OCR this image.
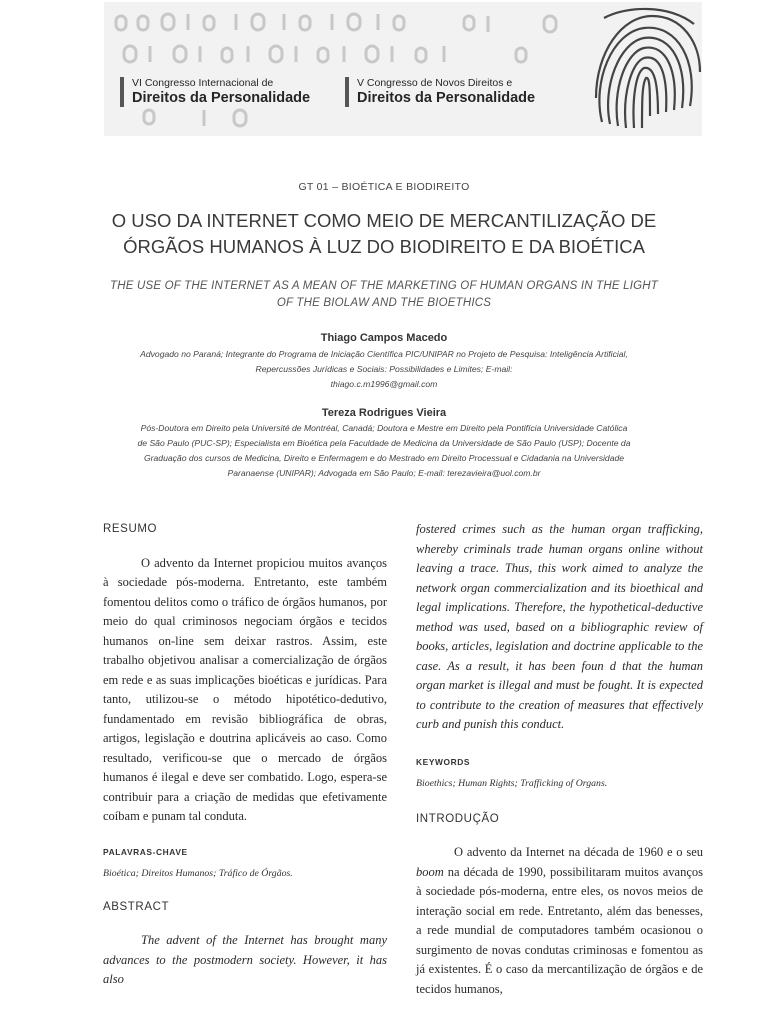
VI Congresso Internacional de
Direitos da Personalidade
V Congresso de Novos Direitos e
Direitos da Personalidade
GT 01 – BIOÉTICA E BIODIREITO
O USO DA INTERNET COMO MEIO DE MERCANTILIZAÇÃO DE
ÓRGÃOS HUMANOS À LUZ DO BIODIREITO E DA BIOÉTICA
THE USE OF THE INTERNET AS A MEAN OF THE MARKETING OF HUMAN ORGANS IN THE LIGHT
OF THE BIOLAW AND THE BIOETHICS
Thiago Campos Macedo
Advogado no Paraná; Integrante do Programa de Iniciação Científica PIC/UNIPAR no Projeto de Pesquisa: Inteligência Artificial,
Repercussões Jurídicas e Sociais: Possibilidades e Limites; E-mail:
thiago.c.m1996@gmail.com
Tereza Rodrigues Vieira
Pós-Doutora em Direito pela Université de Montréal, Canadá; Doutora e Mestre em Direito pela Pontifícia Universidade Católica
de São Paulo (PUC-SP); Especialista em Bioética pela Faculdade de Medicina da Universidade de São Paulo (USP); Docente da
Graduação dos cursos de Medicina, Direito e Enfermagem e do Mestrado em Direito Processual e Cidadania na Universidade
Paranaense (UNIPAR); Advogada em São Paulo; E-mail: terezavieira@uol.com.br
RESUMO

O advento da Internet propiciou muitos avanços à sociedade pós-moderna. Entretanto, este também fomentou delitos como o tráfico de órgãos humanos, por meio do qual criminosos negociam órgãos e tecidos humanos on-line sem deixar rastros. Assim, este trabalho objetivou analisar a comercialização de órgãos em rede e as suas implicações bioéticas e jurídicas. Para tanto, utilizou-se o método hipotético-dedutivo, fundamentado em revisão bibliográfica de obras, artigos, legislação e doutrina aplicáveis ao caso. Como resultado, verificou-se que o mercado de órgãos humanos é ilegal e deve ser combatido. Logo, espera-se contribuir para a criação de medidas que efetivamente coíbam e punam tal conduta.

PALAVRAS-CHAVE
Bioética; Direitos Humanos; Tráfico de Órgãos.
ABSTRACT

The advent of the Internet has brought many advances to the postmodern society. However, it has also

fostered crimes such as the human organ trafficking, whereby criminals trade human organs online without leaving a trace. Thus, this work aimed to analyze the network organ commercialization and its bioethical and legal implications. Therefore, the hypothetical-deductive method was used, based on a bibliographic review of books, articles, legislation and doctrine applicable to the case. As a result, it has been foun d that the human organ market is illegal and must be fought. It is expected to contribute to the creation of measures that effectively curb and punish this conduct.

KEYWORDS
Bioethics; Human Rights; Trafficking of Organs.
INTRODUÇÃO

O advento da Internet na década de 1960 e o seu boom na década de 1990, possibilitaram muitos avanços à sociedade pós-moderna, entre eles, os novos meios de interação social em rede. Entretanto, além das benesses, a rede mundial de computadores também ocasionou o surgimento de novas condutas criminosas e fomentou as já existentes. É o caso da mercantilização de órgãos e de tecidos humanos,
